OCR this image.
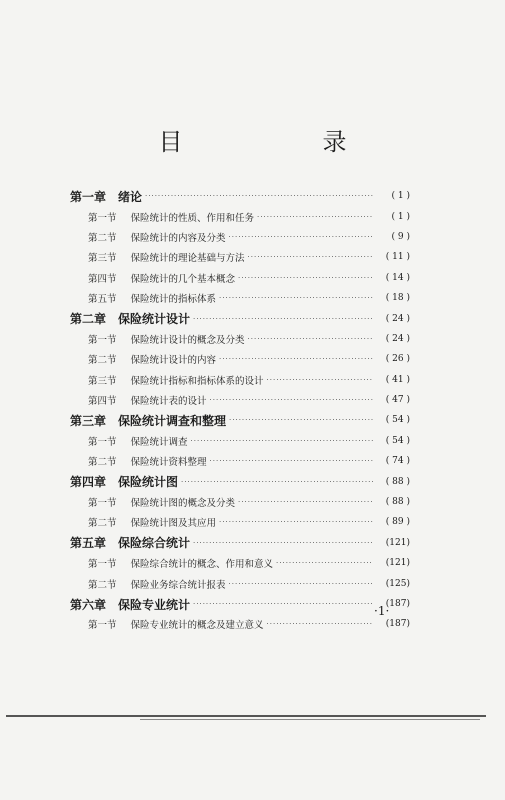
目　录
第一章 绪论 ·····	( 1 )
第一节 保险统计的性质、作用和任务 ·····	( 1 )
第二节 保险统计的内容及分类 ·····	( 9 )
第三节 保险统计的理论基础与方法 ·····	( 11 )
第四节 保险统计的几个基本概念 ·····	( 14 )
第五节 保险统计的指标体系 ·····	( 18 )
第二章 保险统计设计 ·····	( 24 )
第一节 保险统计设计的概念及分类 ·····	( 24 )
第二节 保险统计设计的内容 ·····	( 26 )
第三节 保险统计指标和指标体系的设计 ·····	( 41 )
第四节 保险统计表的设计 ·····	( 47 )
第三章 保险统计调查和整理 ·····	( 54 )
第一节 保险统计调查 ·····	( 54 )
第二节 保险统计资料整理 ·····	( 74 )
第四章 保险统计图 ·····	( 88 )
第一节 保险统计图的概念及分类 ·····	( 88 )
第二节 保险统计图及其应用 ·····	( 89 )
第五章 保险综合统计 ·····	(121)
第一节 保险综合统计的概念、作用和意义 ·····	(121)
第二节 保险业务综合统计报表 ·····	(125)
第六章 保险专业统计 ·····	(187)
第一节 保险专业统计的概念及建立意义 ·····	(187)
·1·
